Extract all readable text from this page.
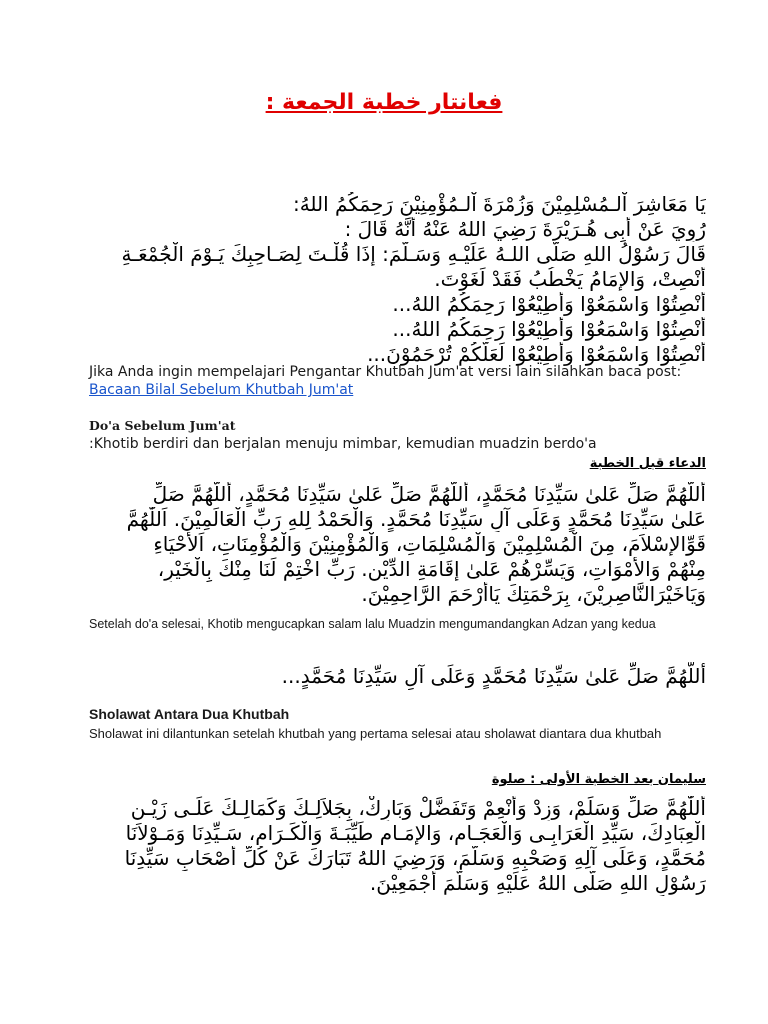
فعانتار خطبة الجمعة :
يَا مَعَاشِرَ اْلـمُسْلِمِيْنَ وَزُمْرَةَ اْلـمُؤْمِنِيْنَ رَحِمَكُمُ اللهُ:
رُوِيَ عَنْ أَبِى هُـرَيْرَةَ رَضِيَ اللهُ عَنْهُ أَنَّهُ قَالَ :
قَالَ رَسُوْلُ اللهِ صَلَّى اللـهُ عَلَيْـهِ وَسَـلَّمَ: إِذَا قُلْـتَ لِصَـاحِبِكَ يَـوْمَ الْجُمْعَـةِ
أَنْصِتْ، وَالإِمَامُ يَخْطُبُ فَقَدْ لَغَوْتَ.
أَنْصِتُوْا وَاسْمَعُوْا وَأَطِيْعُوْا رَحِمَكُمُ اللهُ...
أَنْصِتُوْا وَاسْمَعُوْا وَأَطِيْعُوْا رَحِمَكُمُ اللهُ...
أَنْصِتُوْا وَاسْمَعُوْا وَأَطِيْعُوْا لَعَلَّكُمْ تُرْحَمُوْنَ...
Jika Anda ingin mempelajari Pengantar Khutbah Jum'at versi lain silahkan baca post: Bacaan Bilal Sebelum Khutbah Jum'at
Do'a Sebelum Jum'at
:Khotib berdiri dan berjalan menuju mimbar, kemudian muadzin berdo'a
الدعاء قبل الخطبة
أَللَّهُمَّ صَلِّ عَلىٰ سَيِّدِنَا مُحَمَّدٍ، أَللَّهُمَّ صَلِّ عَلىٰ سَيِّدِنَا مُحَمَّدٍ، أَللَّهُمَّ صَلِّ
عَلىٰ سَيِّدِنَا مُحَمَّدٍ وَعَلَى آلِ سَيِّدِنَا مُحَمَّدٍ. وَالْحَمْدُ لِلهِ رَبِّ الْعَالَمِيْنَ. اَللّٰهُمَّ
قَوِّالإِسْلاَمَ، مِنَ الْمُسْلِمِيْنَ وَالْمُسْلِمَاتِ، وَالْمُؤْمِنِيْنَ وَالْمُؤْمِنَاتِ، اَلأَحْيَاءِ
مِنْهُمْ وَالأَمْوَاتِ، وَيَسِّرْهُمْ عَلىٰ إِقَامَةِ الدِّيْنِ. رَبِّ اخْتِمْ لَنَا مِنْكَ بِالْخَيْرِ،
وَيَاخَيْرَالنَّاصِرِيْنَ، بِرَحْمَتِكَ يَاأَرْحَمَ الرَّاحِمِيْنَ.
Setelah do'a selesai, Khotib mengucapkan salam lalu Muadzin mengumandangkan Adzan yang kedua
أَللَّهُمَّ صَلِّ عَلىٰ سَيِّدِنَا مُحَمَّدٍ وَعَلَى آلِ سَيِّدِنَا مُحَمَّدٍ...
Sholawat Antara Dua Khutbah
Sholawat ini dilantunkan setelah khutbah yang pertama selesai atau sholawat diantara dua khutbah
سليمان بعد الخطبة الأولى : صلوة
أَللّٰهُمَّ صَلِّ وَسَلِّمْ، وَزِدْ وَأَنْعِمْ وَتَفَضَّلْ وَبَارِكْ، بِجَلاَلِـكَ وَكَمَالِـكَ عَلَـى زَيْـنِ
الْعِبَادِكَ، سَيِّدِ الْعَرَابِـى وَالْعَجَـامِ، وَالإِمَـامِ طَيِّبَـةَ وَالْكَـرَامِ، سَـيِّدِنَا وَمَـوْلاَنَا
مُحَمَّدٍ، وَعَلَى آلِهِ وَصَحْبِهِ وَسَلَّمَ، وَرَضِيَ اللهُ تَبَارَكَ عَنْ كُلِّ أَصْحَابِ سَيِّدِنَا
رَسُوْلِ اللهِ صَلَّى اللهُ عَلَيْهِ وَسَلَّمَ أَجْمَعِيْنَ.
